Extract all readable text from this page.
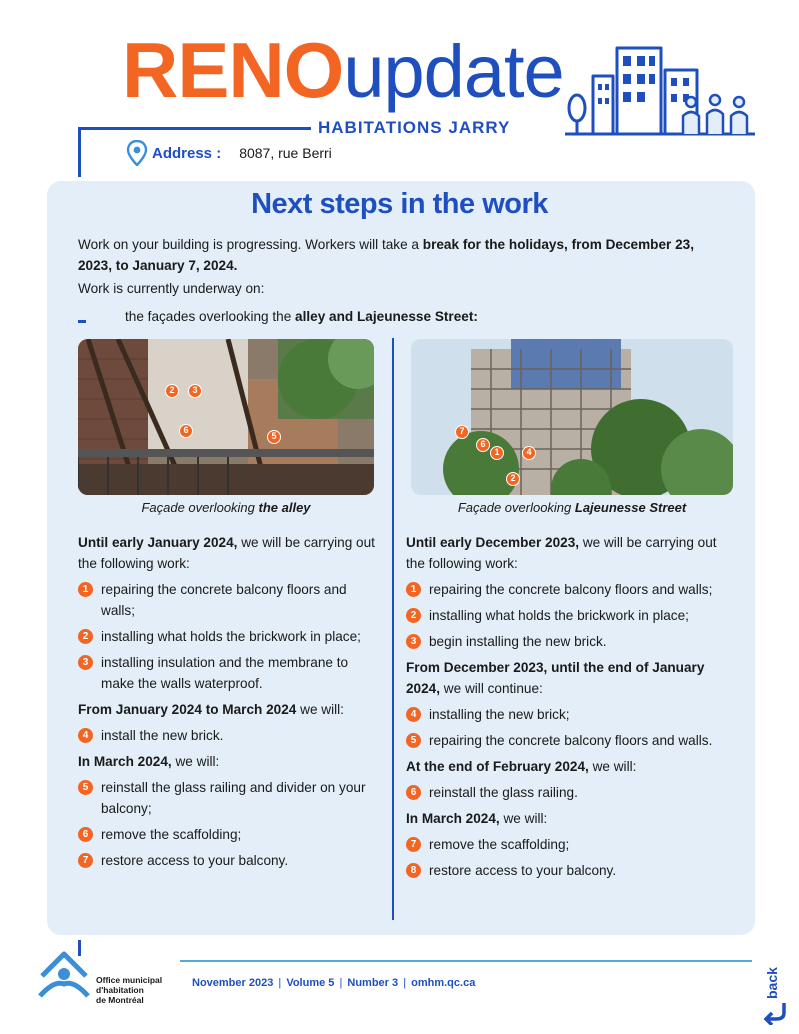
RENOupdate
HABITATIONS JARRY
Address : 8087, rue Berri
Next steps in the work
Work on your building is progressing. Workers will take a break for the holidays, from December 23, 2023, to January 7, 2024.
Work is currently underway on:
the façades overlooking the alley and Lajeunesse Street:
Façade overlooking the alley	Façade overlooking Lajeunesse Street
2	3
6
5	7
6
1	4
2
Until early January 2024, we will be carrying out the following work:
1 repairing the concrete balcony floors and walls;
2 installing what holds the brickwork in place;
3 installing insulation and the membrane to make the walls waterproof.
From January 2024 to March 2024 we will:
4 install the new brick.
In March 2024, we will:
5 reinstall the glass railing and divider on your balcony;
6 remove the scaffolding;
7 restore access to your balcony.
Until early December 2023, we will be carrying out the following work:
1 repairing the concrete balcony floors and walls;
2 installing what holds the brickwork in place;
3 begin installing the new brick.
From December 2023, until the end of January 2024, we will continue:
4 installing the new brick;
5 repairing the concrete balcony floors and walls.
At the end of February 2024, we will:
6 reinstall the glass railing.
In March 2024, we will:
7 remove the scaffolding;
8 restore access to your balcony.
Office municipal
d'habitation
de Montréal
November 2023 | Volume 5 | Number 3 | omhm.qc.ca	back
